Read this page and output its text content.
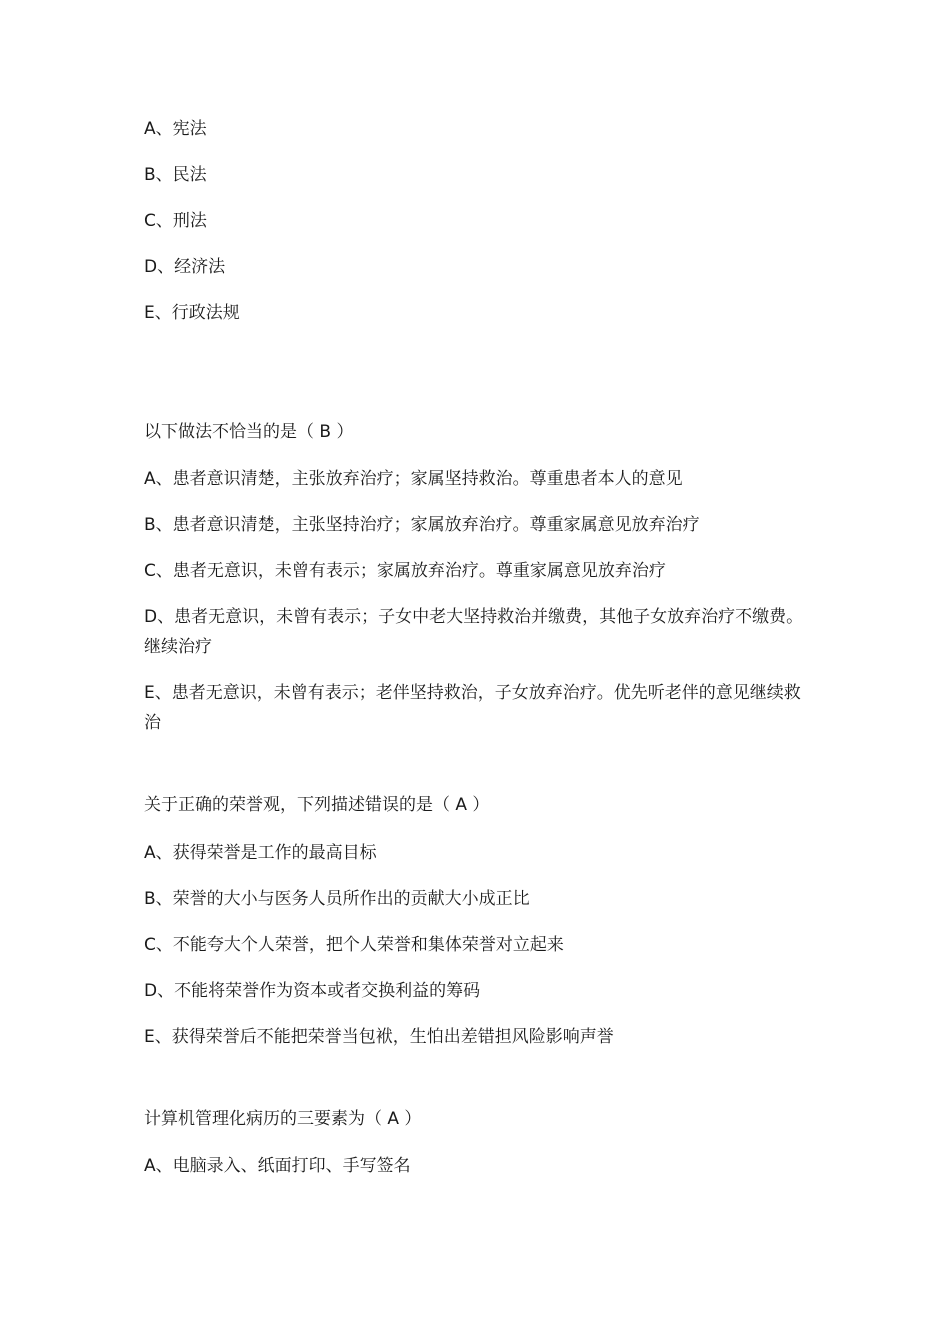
A、宪法
B、民法
C、刑法
D、经济法
E、行政法规
以下做法不恰当的是（ B ）
A、患者意识清楚，主张放弃治疗；家属坚持救治。尊重患者本人的意见
B、患者意识清楚，主张坚持治疗；家属放弃治疗。尊重家属意见放弃治疗
C、患者无意识，未曾有表示；家属放弃治疗。尊重家属意见放弃治疗
D、患者无意识，未曾有表示；子女中老大坚持救治并缴费，其他子女放弃治疗不缴费。继续治疗
E、患者无意识，未曾有表示；老伴坚持救治，子女放弃治疗。优先听老伴的意见继续救治
关于正确的荣誉观，下列描述错误的是（ A ）
A、获得荣誉是工作的最高目标
B、荣誉的大小与医务人员所作出的贡献大小成正比
C、不能夸大个人荣誉，把个人荣誉和集体荣誉对立起来
D、不能将荣誉作为资本或者交换利益的筹码
E、获得荣誉后不能把荣誉当包袱，生怕出差错担风险影响声誉
计算机管理化病历的三要素为（ A ）
A、电脑录入、纸面打印、手写签名
